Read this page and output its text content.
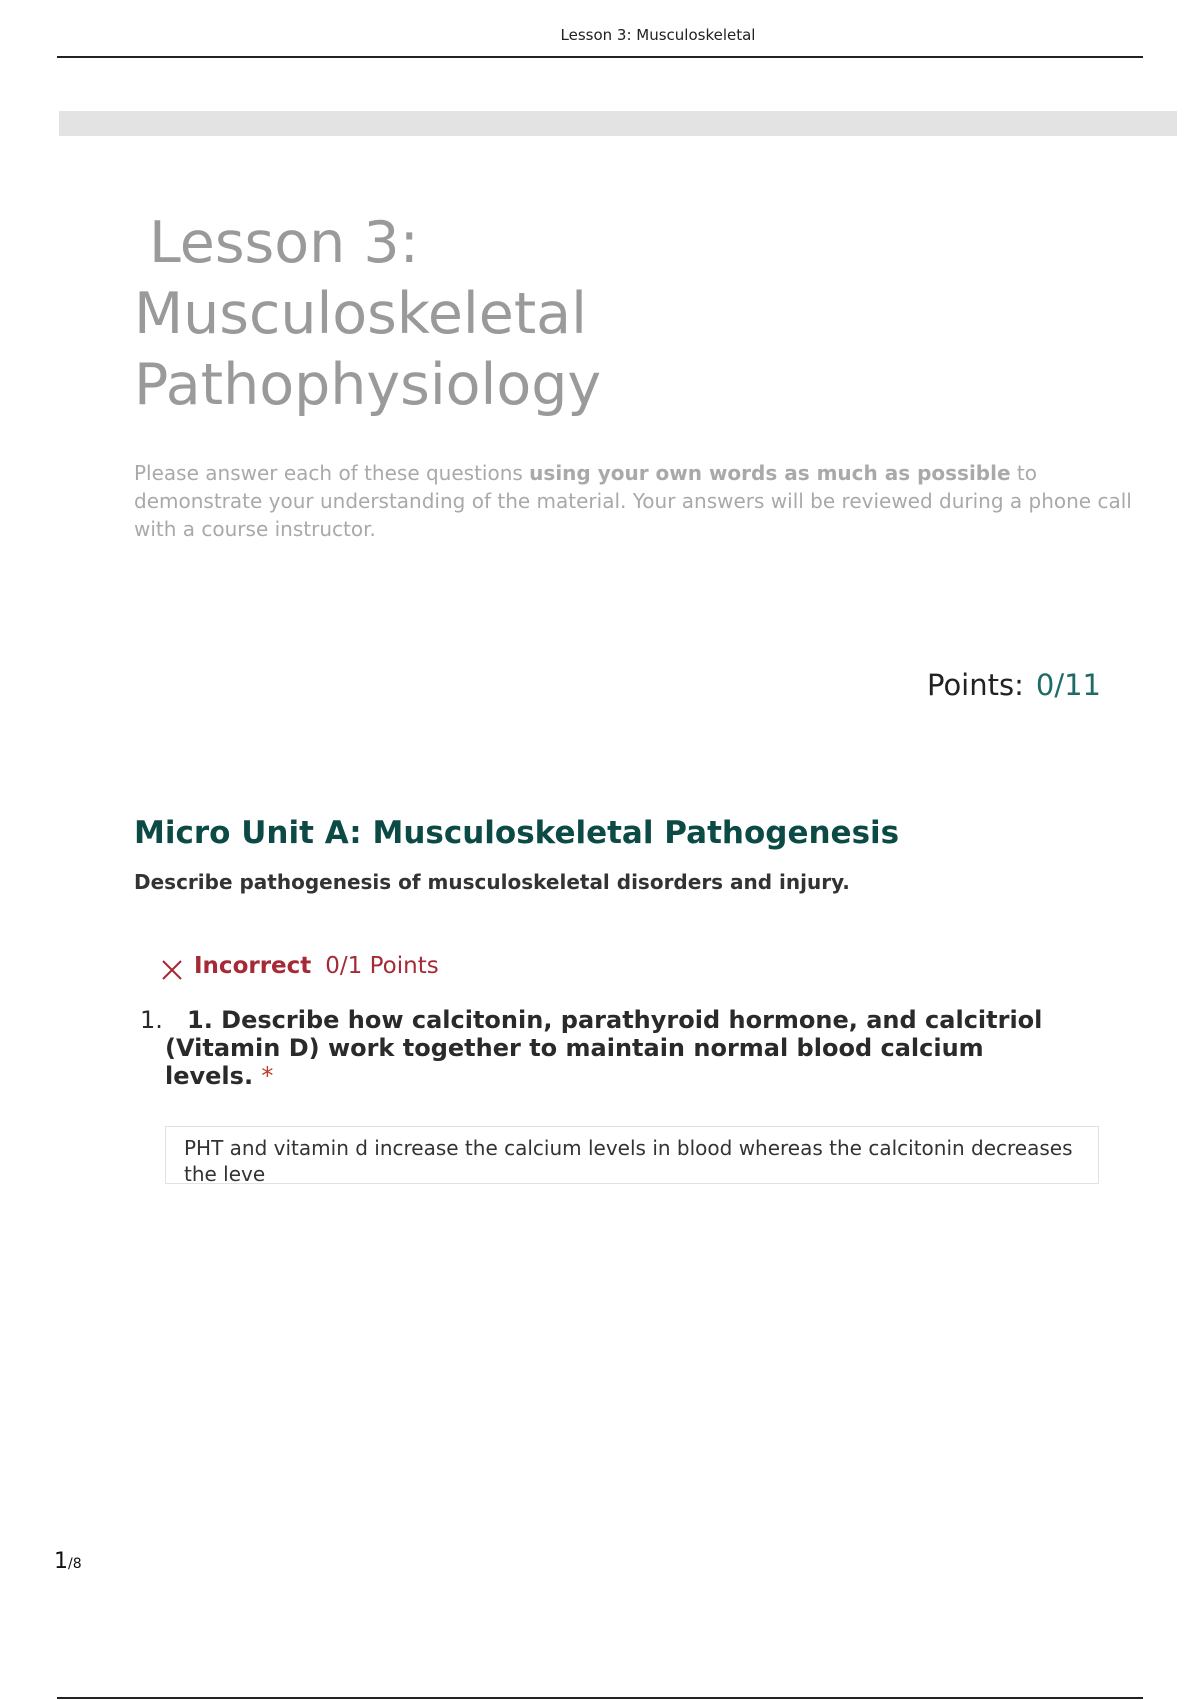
Lesson 3: Musculoskeletal
Lesson 3:
Musculoskeletal
Pathophysiology
Please answer each of these questions using your own words as much as possible to demonstrate your understanding of the material. Your answers will be reviewed during a phone call with a course instructor.
Points: 0/11
Micro Unit A: Musculoskeletal Pathogenesis
Describe pathogenesis of musculoskeletal disorders and injury.
Incorrect 0/1 Points
1.	1. Describe how calcitonin, parathyroid hormone, and calcitriol (Vitamin D) work together to maintain normal blood calcium levels. *
PHT and vitamin d increase the calcium levels in blood whereas the calcitonin decreases the leve
1/8
